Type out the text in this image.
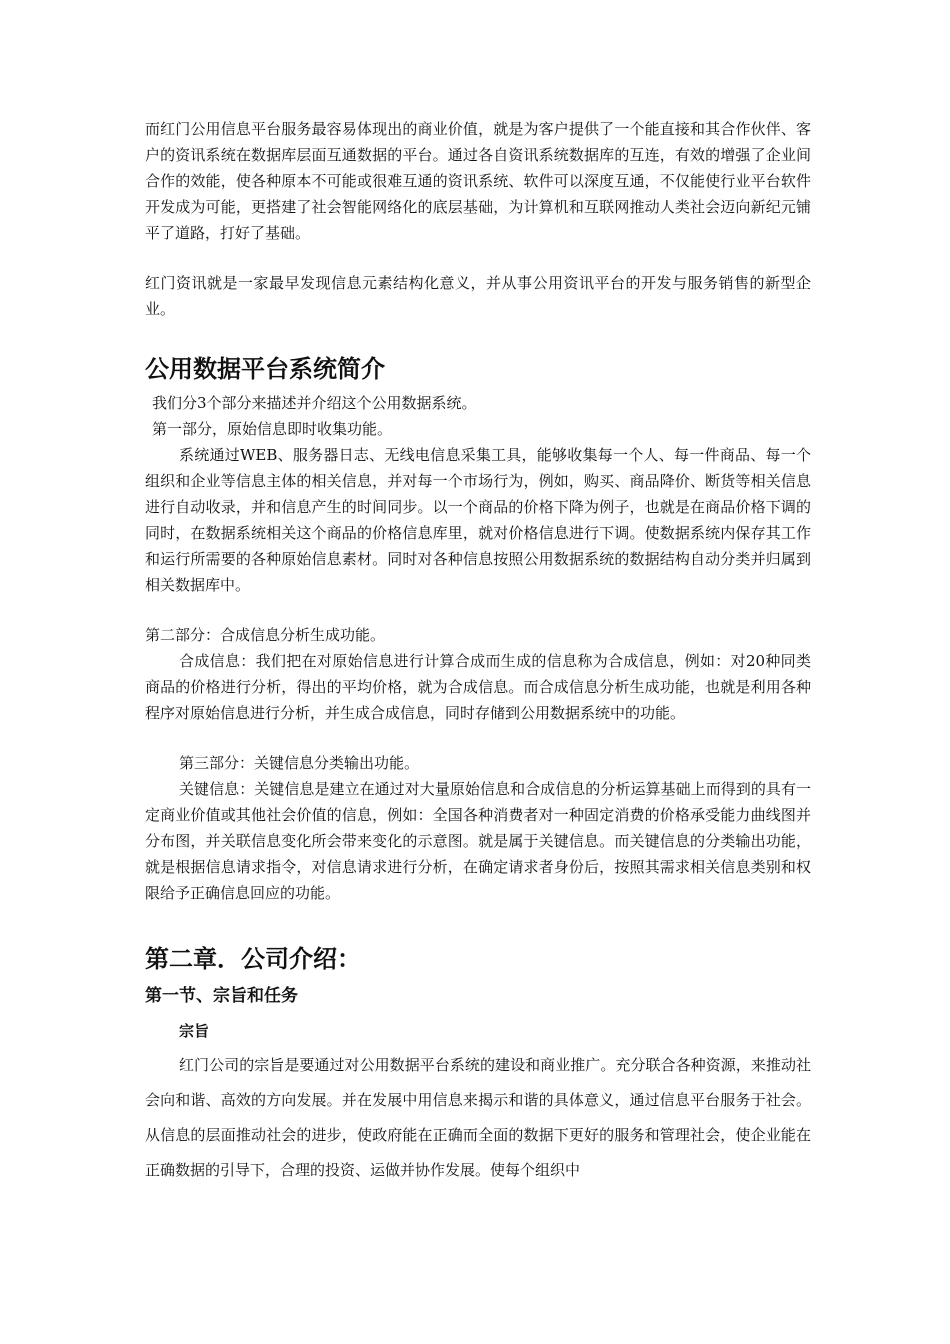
而红门公用信息平台服务最容易体现出的商业价值，就是为客户提供了一个能直接和其合作伙伴、客户的资讯系统在数据库层面互通数据的平台。通过各自资讯系统数据库的互连，有效的增强了企业间合作的效能，使各种原本不可能或很难互通的资讯系统、软件可以深度互通，不仅能使行业平台软件开发成为可能，更搭建了社会智能网络化的底层基础，为计算机和互联网推动人类社会迈向新纪元铺平了道路，打好了基础。

红门资讯就是一家最早发现信息元素结构化意义，并从事公用资讯平台的开发与服务销售的新型企业。

公用数据平台系统简介

我们分3个部分来描述并介绍这个公用数据系统。

第一部分，原始信息即时收集功能。

系统通过WEB、服务器日志、无线电信息采集工具，能够收集每一个人、每一件商品、每一个组织和企业等信息主体的相关信息，并对每一个市场行为，例如，购买、商品降价、断货等相关信息进行自动收录，并和信息产生的时间同步。以一个商品的价格下降为例子，也就是在商品价格下调的同时，在数据系统相关这个商品的价格信息库里，就对价格信息进行下调。使数据系统内保存其工作和运行所需要的各种原始信息素材。同时对各种信息按照公用数据系统的数据结构自动分类并归属到相关数据库中。

第二部分：合成信息分析生成功能。

合成信息：我们把在对原始信息进行计算合成而生成的信息称为合成信息，例如：对20种同类商品的价格进行分析，得出的平均价格，就为合成信息。而合成信息分析生成功能，也就是利用各种程序对原始信息进行分析，并生成合成信息，同时存储到公用数据系统中的功能。

第三部分：关键信息分类输出功能。

关键信息：关键信息是建立在通过对大量原始信息和合成信息的分析运算基础上而得到的具有一定商业价值或其他社会价值的信息，例如：全国各种消费者对一种固定消费的价格承受能力曲线图并分布图，并关联信息变化所会带来变化的示意图。就是属于关键信息。而关键信息的分类输出功能，就是根据信息请求指令，对信息请求进行分析，在确定请求者身份后，按照其需求相关信息类别和权限给予正确信息回应的功能。

第二章．公司介绍：
第一节、宗旨和任务
宗旨

红门公司的宗旨是要通过对公用数据平台系统的建设和商业推广。充分联合各种资源，来推动社会向和谐、高效的方向发展。并在发展中用信息来揭示和谐的具体意义，通过信息平台服务于社会。从信息的层面推动社会的进步，使政府能在正确而全面的数据下更好的服务和管理社会，使企业能在正确数据的引导下，合理的投资、运做并协作发展。使每个组织中
